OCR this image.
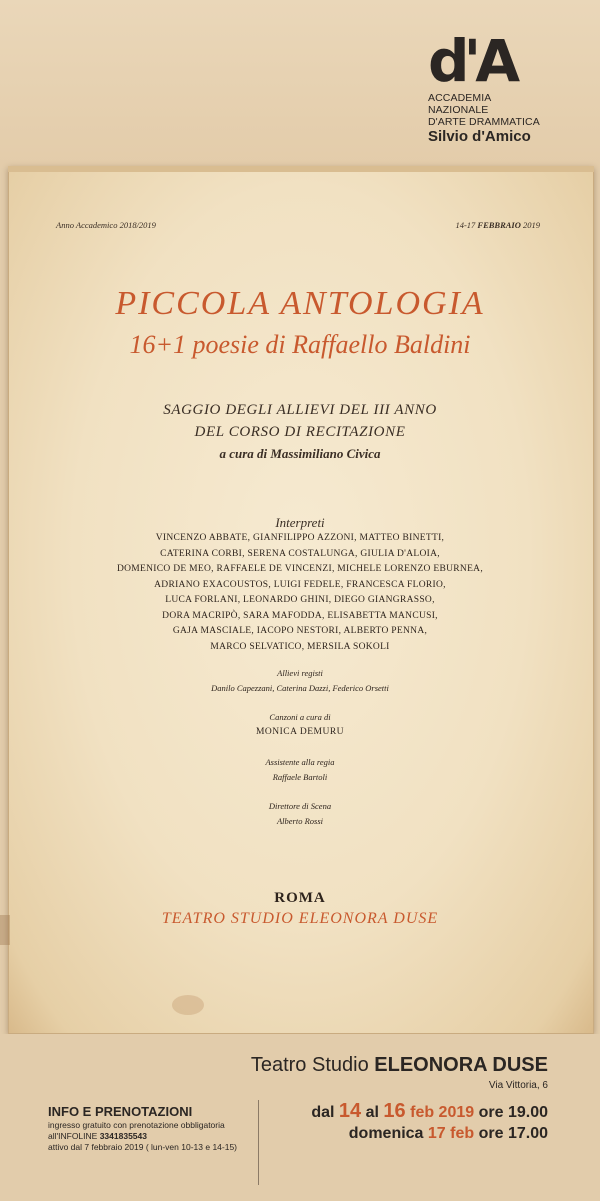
d'A
ACCADEMIA NAZIONALE
D'ARTE DRAMMATICA
Silvio d'Amico
Anno Accademico 2018/2019	14-17 FEBBRAIO 2019
PICCOLA ANTOLOGIA
16+1 poesie di Raffaello Baldini
SAGGIO DEGLI ALLIEVI DEL III ANNO
DEL CORSO DI RECITAZIONE
a cura di Massimiliano Civica
Interpreti
VINCENZO ABBATE, GIANFILIPPO AZZONI, MATTEO BINETTI,
CATERINA CORBI, SERENA COSTALUNGA, GIULIA D'ALOIA,
DOMENICO DE MEO, RAFFAELE DE VINCENZI, MICHELE LORENZO EBURNEA,
ADRIANO EXACOUSTOS, LUIGI FEDELE, FRANCESCA FLORIO,
LUCA FORLANI, LEONARDO GHINI, DIEGO GIANGRASSO,
DORA MACRIPÒ, SARA MAFODDA, ELISABETTA MANCUSI,
GAJA MASCIALE, IACOPO NESTORI, ALBERTO PENNA,
MARCO SELVATICO, MERSILA SOKOLI
Allievi registi
Danilo Capezzani, Caterina Dazzi, Federico Orsetti
Canzoni a cura di
MONICA DEMURU
Assistente alla regia
Raffaele Bartoli
Direttore di Scena
Alberto Rossi
ROMA
TEATRO STUDIO ELEONORA DUSE
Teatro Studio ELEONORA DUSE
Via Vittoria, 6
INFO E PRENOTAZIONI
ingresso gratuito con prenotazione obbligatoria
all'INFOLINE 3341835543
attivo dal 7 febbraio 2019 ( lun-ven 10-13 e 14-15)
dal 14 al 16 feb 2019 ore 19.00
domenica 17 feb ore 17.00
